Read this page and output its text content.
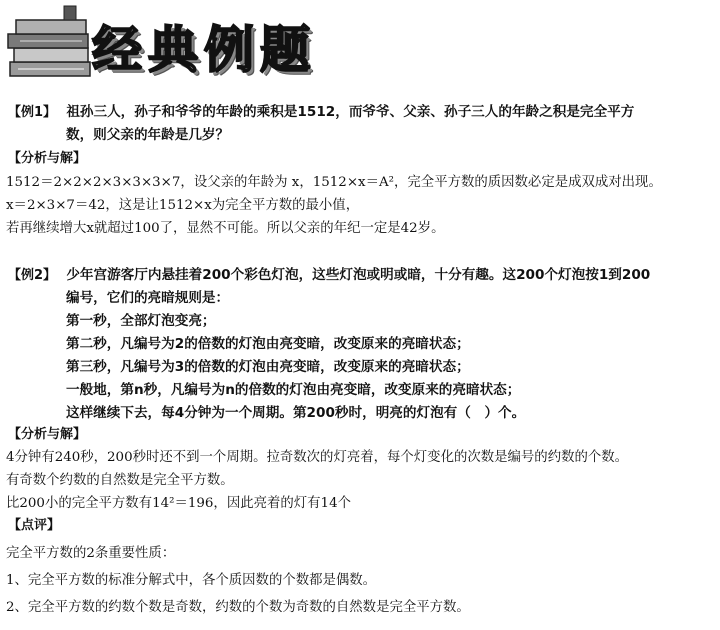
经典例题
【例1】 祖孙三人，孙子和爷爷的年龄的乘积是1512，而爷爷、父亲、孙子三人的年龄之积是完全平方
数，则父亲的年龄是几岁？
【分析与解】
1512＝2×2×2×3×3×3×7，设父亲的年龄为 x，1512×x＝A²，完全平方数的质因数必定是成双成对出现。
x＝2×3×7＝42，这是让1512×x为完全平方数的最小值，
若再继续增大x就超过100了，显然不可能。所以父亲的年纪一定是42岁。
【例2】 少年宫游客厅内悬挂着200个彩色灯泡，这些灯泡或明或暗，十分有趣。这200个灯泡按1到200
编号，它们的亮暗规则是：
第一秒，全部灯泡变亮；
第二秒，凡编号为2的倍数的灯泡由亮变暗，改变原来的亮暗状态；
第三秒，凡编号为3的倍数的灯泡由亮变暗，改变原来的亮暗状态；
一般地，第n秒，凡编号为n的倍数的灯泡由亮变暗，改变原来的亮暗状态；
这样继续下去，每4分钟为一个周期。第200秒时，明亮的灯泡有（　）个。
【分析与解】
4分钟有240秒，200秒时还不到一个周期。拉奇数次的灯亮着，每个灯变化的次数是编号的约数的个数。
有奇数个约数的自然数是完全平方数。
比200小的完全平方数有14²＝196，因此亮着的灯有14个
【点评】
完全平方数的2条重要性质：
1、完全平方数的标准分解式中，各个质因数的个数都是偶数。
2、完全平方数的约数个数是奇数，约数的个数为奇数的自然数是完全平方数。
